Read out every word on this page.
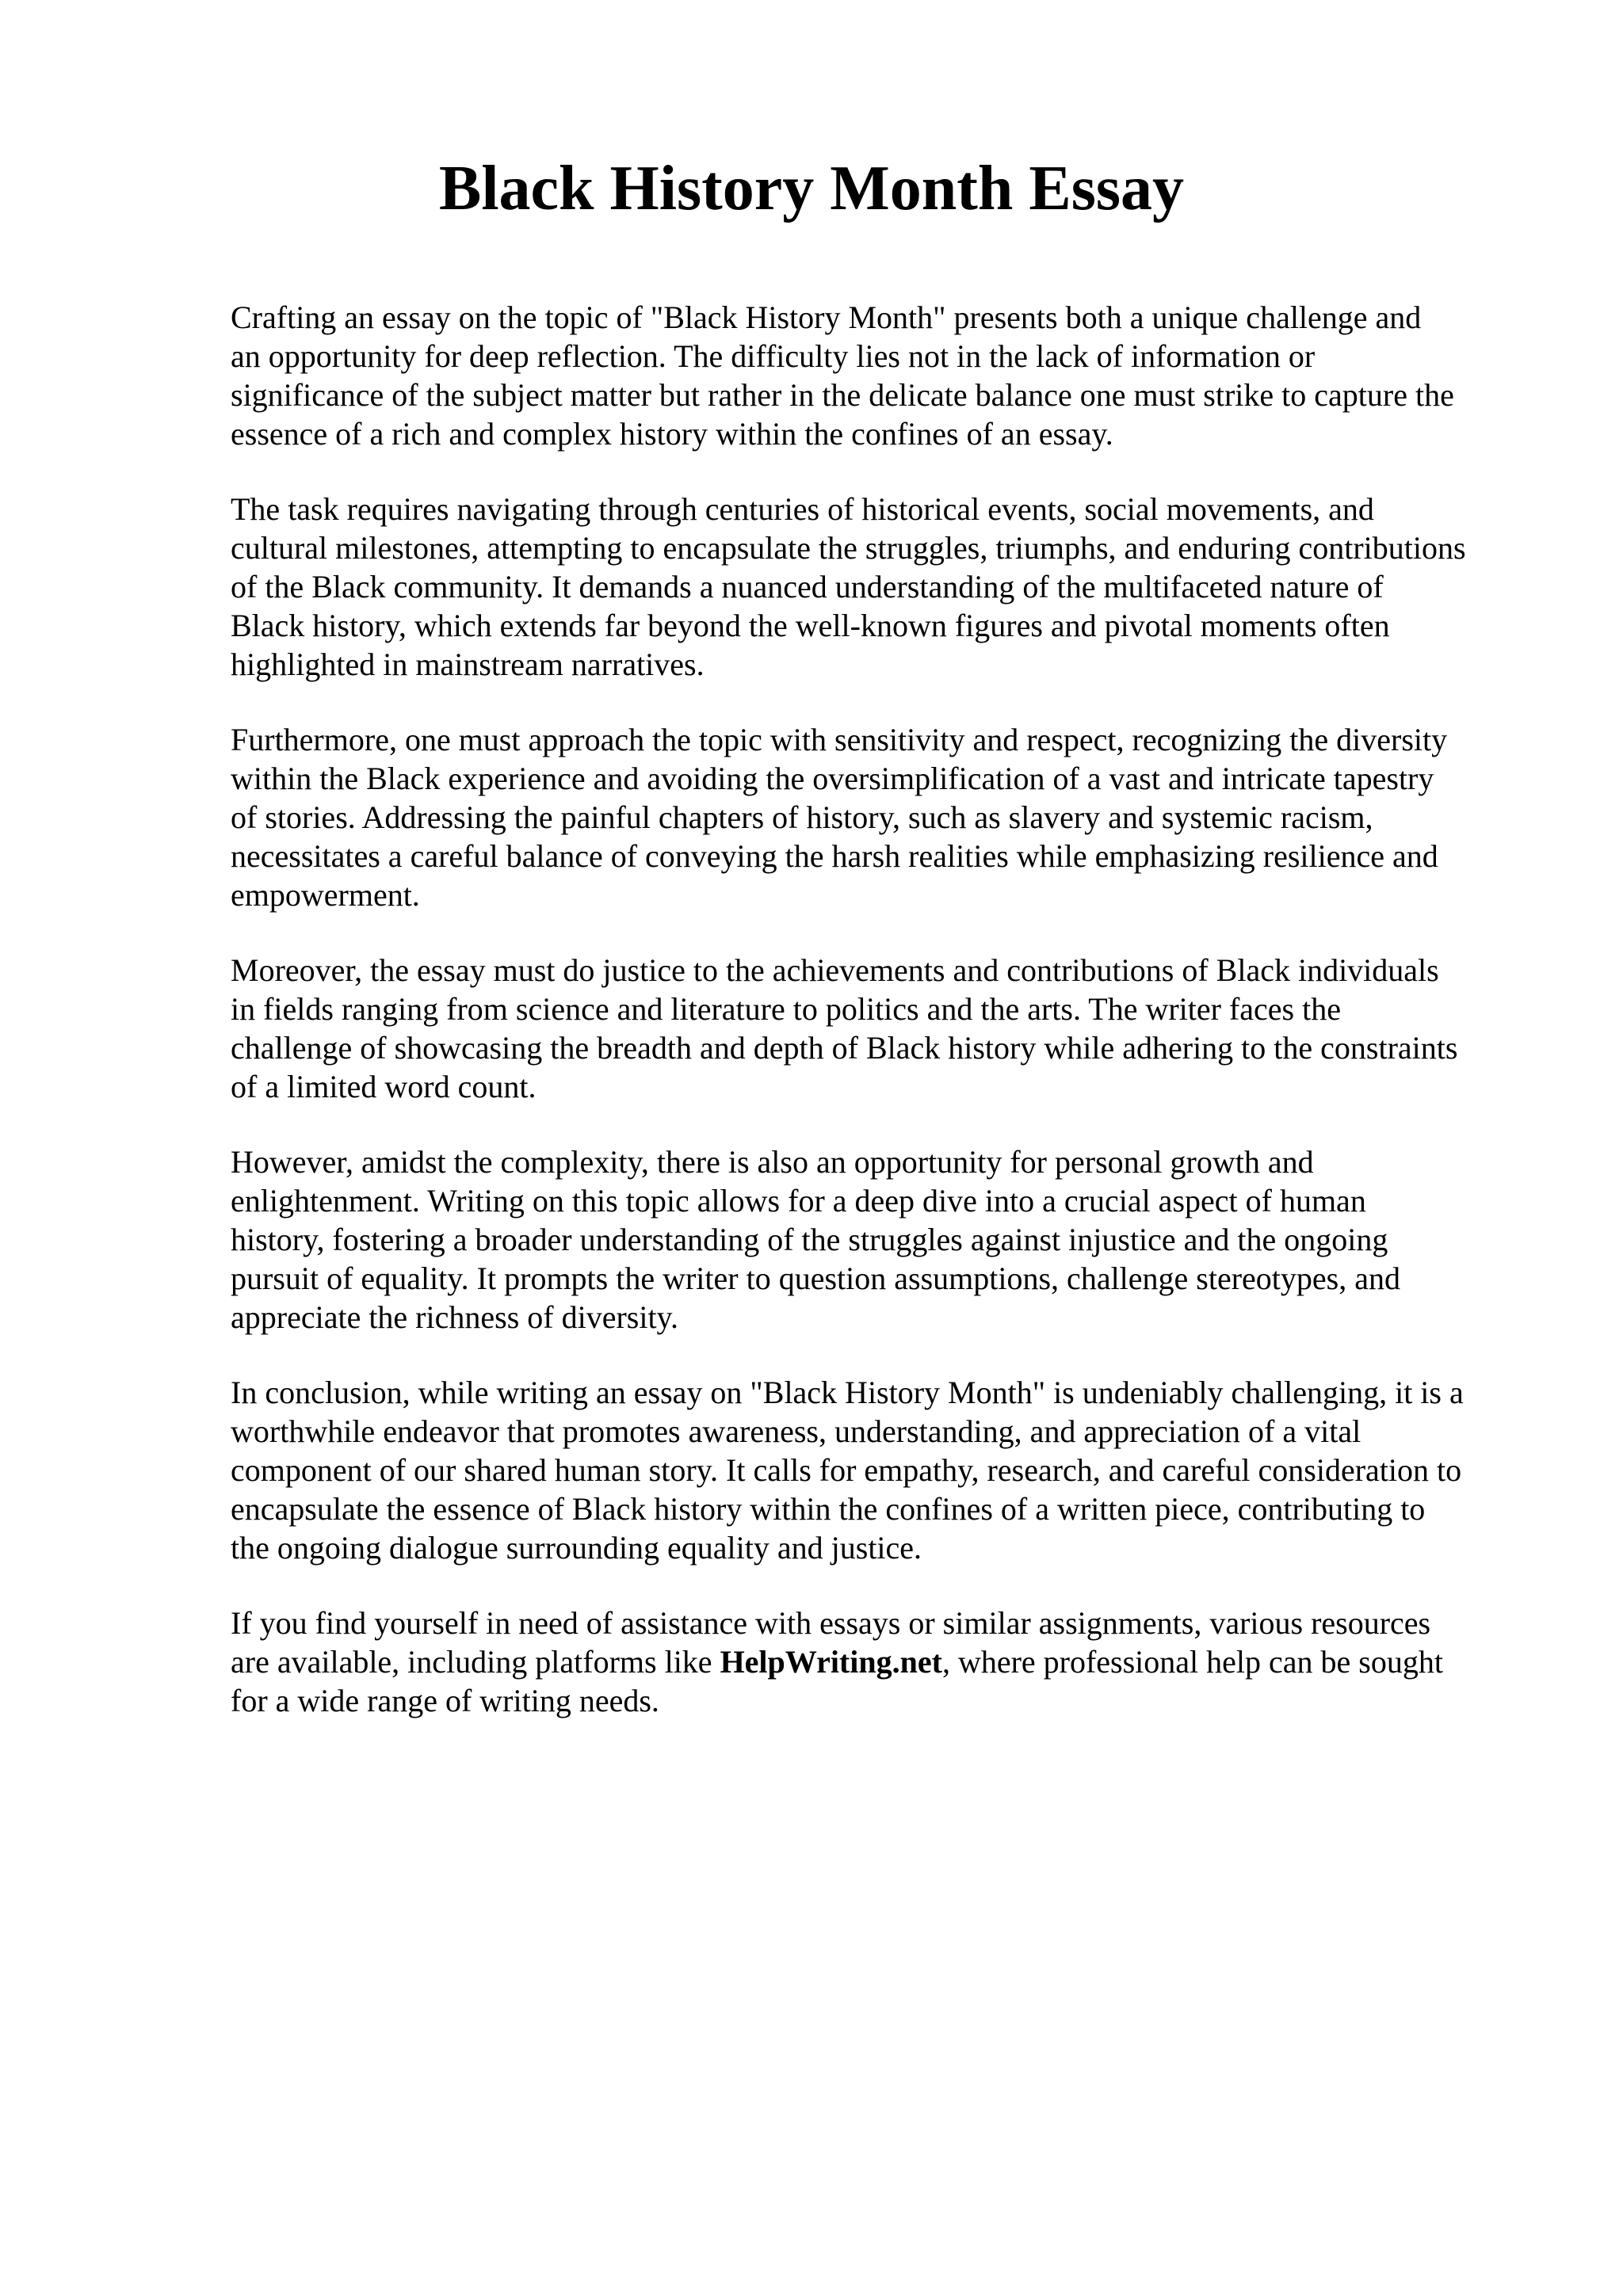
Black History Month Essay

Crafting an essay on the topic of "Black History Month" presents both a unique challenge and
an opportunity for deep reflection. The difficulty lies not in the lack of information or
significance of the subject matter but rather in the delicate balance one must strike to capture the
essence of a rich and complex history within the confines of an essay.

The task requires navigating through centuries of historical events, social movements, and
cultural milestones, attempting to encapsulate the struggles, triumphs, and enduring contributions
of the Black community. It demands a nuanced understanding of the multifaceted nature of
Black history, which extends far beyond the well-known figures and pivotal moments often
highlighted in mainstream narratives.

Furthermore, one must approach the topic with sensitivity and respect, recognizing the diversity
within the Black experience and avoiding the oversimplification of a vast and intricate tapestry
of stories. Addressing the painful chapters of history, such as slavery and systemic racism,
necessitates a careful balance of conveying the harsh realities while emphasizing resilience and
empowerment.

Moreover, the essay must do justice to the achievements and contributions of Black individuals
in fields ranging from science and literature to politics and the arts. The writer faces the
challenge of showcasing the breadth and depth of Black history while adhering to the constraints
of a limited word count.

However, amidst the complexity, there is also an opportunity for personal growth and
enlightenment. Writing on this topic allows for a deep dive into a crucial aspect of human
history, fostering a broader understanding of the struggles against injustice and the ongoing
pursuit of equality. It prompts the writer to question assumptions, challenge stereotypes, and
appreciate the richness of diversity.

In conclusion, while writing an essay on "Black History Month" is undeniably challenging, it is a
worthwhile endeavor that promotes awareness, understanding, and appreciation of a vital
component of our shared human story. It calls for empathy, research, and careful consideration to
encapsulate the essence of Black history within the confines of a written piece, contributing to
the ongoing dialogue surrounding equality and justice.

If you find yourself in need of assistance with essays or similar assignments, various resources
are available, including platforms like HelpWriting.net, where professional help can be sought
for a wide range of writing needs.
